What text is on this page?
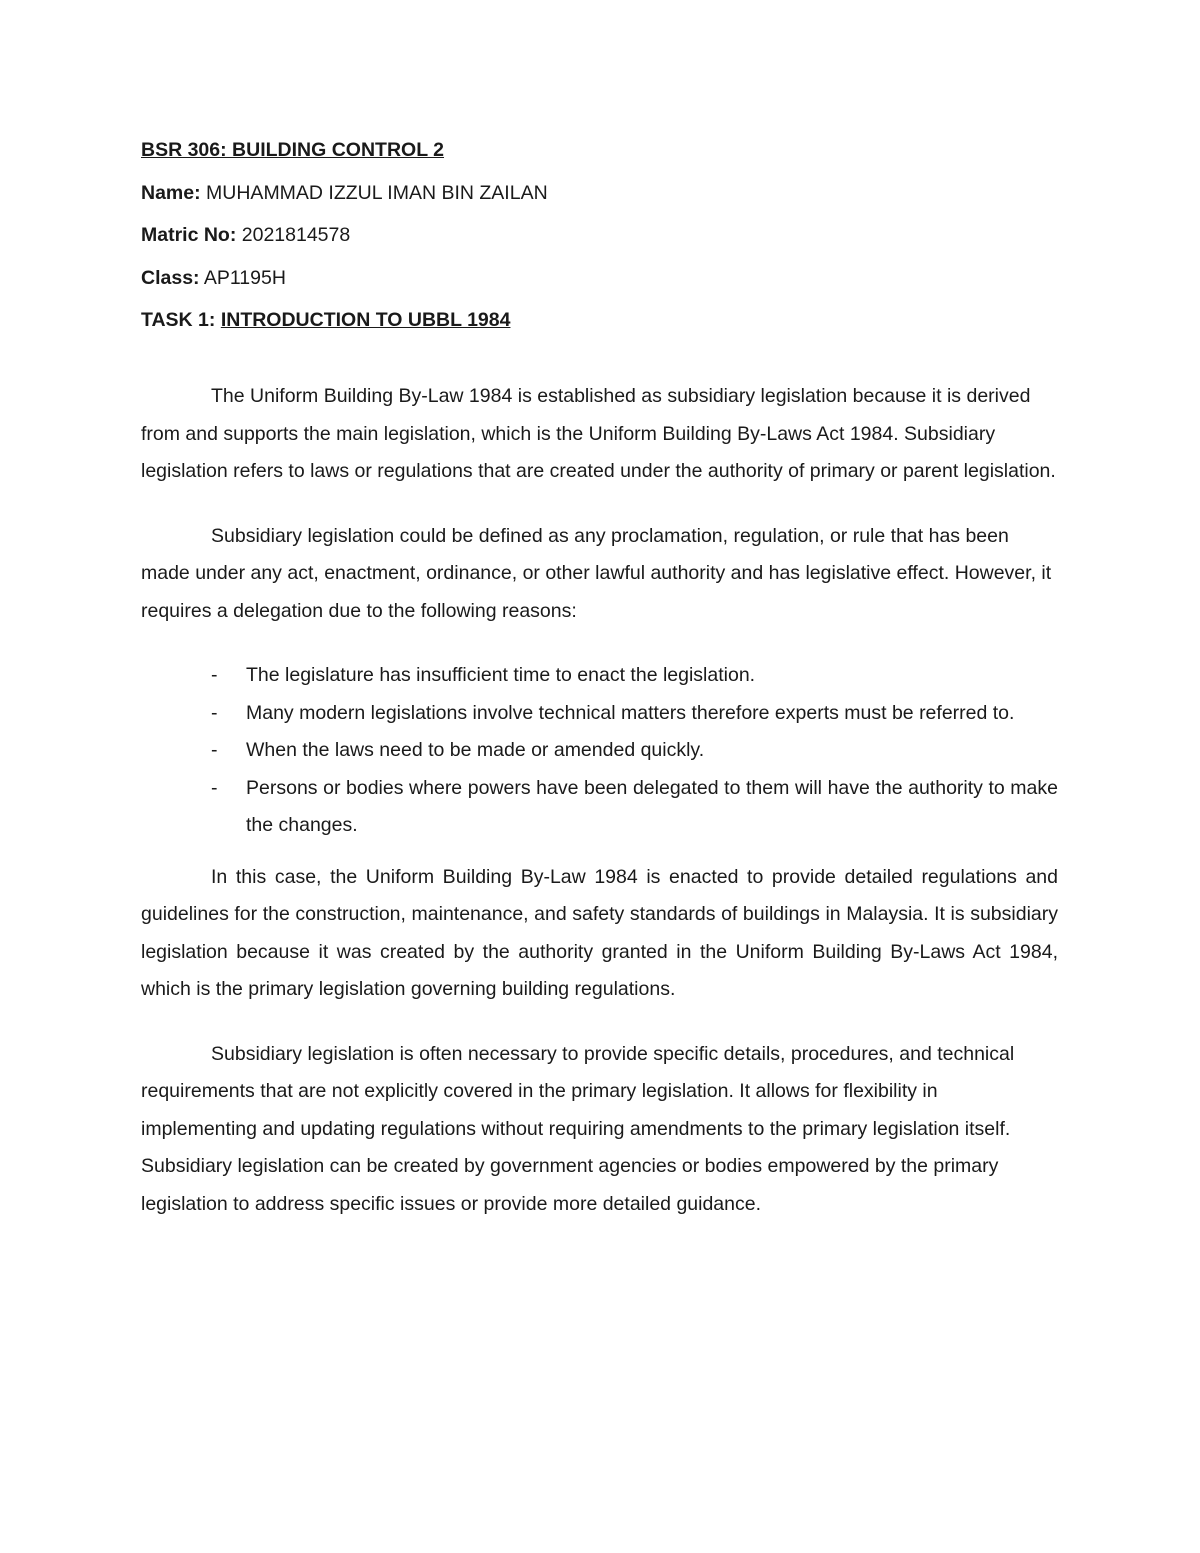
BSR 306: BUILDING CONTROL 2

Name: MUHAMMAD IZZUL IMAN BIN ZAILAN

Matric No: 2021814578

Class: AP1195H

TASK 1: INTRODUCTION TO UBBL 1984

The Uniform Building By-Law 1984 is established as subsidiary legislation because it is derived from and supports the main legislation, which is the Uniform Building By-Laws Act 1984. Subsidiary legislation refers to laws or regulations that are created under the authority of primary or parent legislation.

Subsidiary legislation could be defined as any proclamation, regulation, or rule that has been made under any act, enactment, ordinance, or other lawful authority and has legislative effect. However, it requires a delegation due to the following reasons:

- The legislature has insufficient time to enact the legislation.
- Many modern legislations involve technical matters therefore experts must be referred to.
- When the laws need to be made or amended quickly.
- Persons or bodies where powers have been delegated to them will have the authority to make the changes.

In this case, the Uniform Building By-Law 1984 is enacted to provide detailed regulations and guidelines for the construction, maintenance, and safety standards of buildings in Malaysia. It is subsidiary legislation because it was created by the authority granted in the Uniform Building By-Laws Act 1984, which is the primary legislation governing building regulations.

Subsidiary legislation is often necessary to provide specific details, procedures, and technical requirements that are not explicitly covered in the primary legislation. It allows for flexibility in implementing and updating regulations without requiring amendments to the primary legislation itself. Subsidiary legislation can be created by government agencies or bodies empowered by the primary legislation to address specific issues or provide more detailed guidance.
